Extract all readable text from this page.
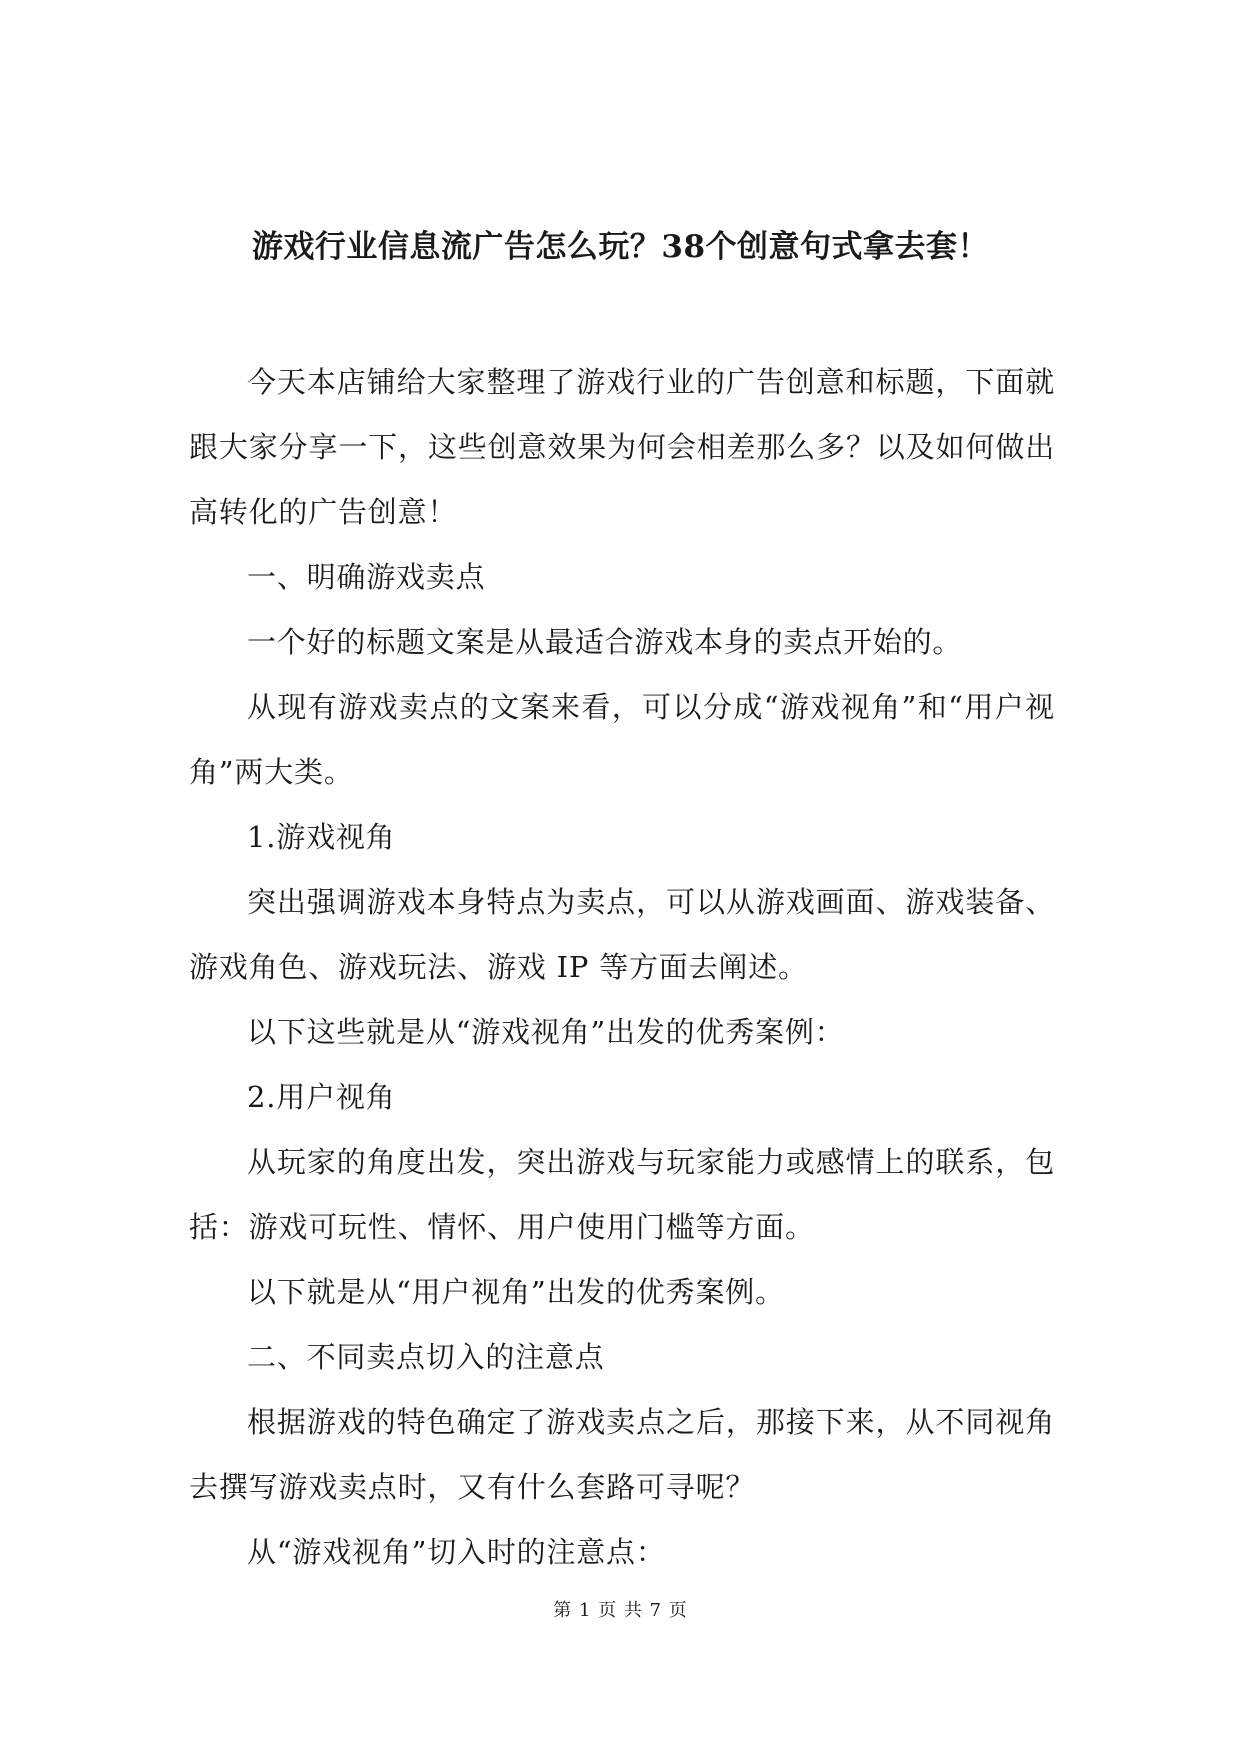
游戏行业信息流广告怎么玩？38个创意句式拿去套！

今天本店铺给大家整理了游戏行业的广告创意和标题，下面就跟大家分享一下，这些创意效果为何会相差那么多？以及如何做出高转化的广告创意！

一、明确游戏卖点

一个好的标题文案是从最适合游戏本身的卖点开始的。

从现有游戏卖点的文案来看，可以分成“游戏视角”和“用户视角”两大类。

1.游戏视角

突出强调游戏本身特点为卖点，可以从游戏画面、游戏装备、游戏角色、游戏玩法、游戏 IP 等方面去阐述。

以下这些就是从“游戏视角”出发的优秀案例：

2.用户视角

从玩家的角度出发，突出游戏与玩家能力或感情上的联系，包括：游戏可玩性、情怀、用户使用门槛等方面。

以下就是从“用户视角”出发的优秀案例。

二、不同卖点切入的注意点

根据游戏的特色确定了游戏卖点之后，那接下来，从不同视角去撰写游戏卖点时，又有什么套路可寻呢？

从“游戏视角”切入时的注意点：

第 1 页 共 7 页
